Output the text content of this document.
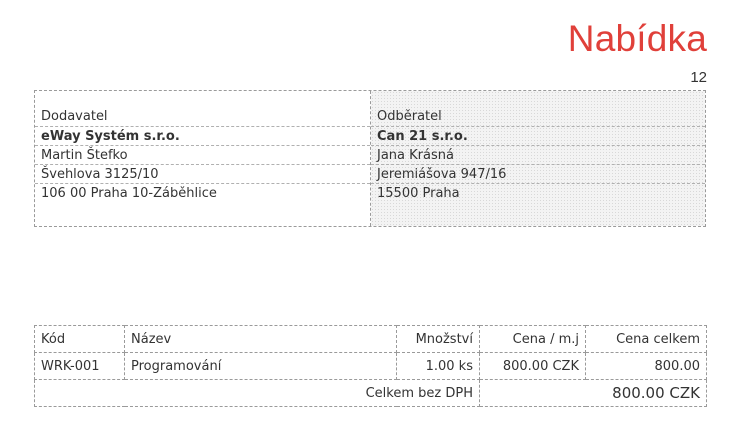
Nabídka
12
Dodavatel
eWay Systém s.r.o.
Martin Štefko
Švehlova 3125/10
106 00 Praha 10-Záběhlice
Odběratel
Can 21 s.r.o.
Jana Krásná
Jeremiášova 947/16
15500 Praha
Kód	Název	Množství	Cena / m.j	Cena celkem
WRK-001	Programování	1.00 ks	800.00 CZK	800.00
Celkem bez DPH			800.00 CZK	
